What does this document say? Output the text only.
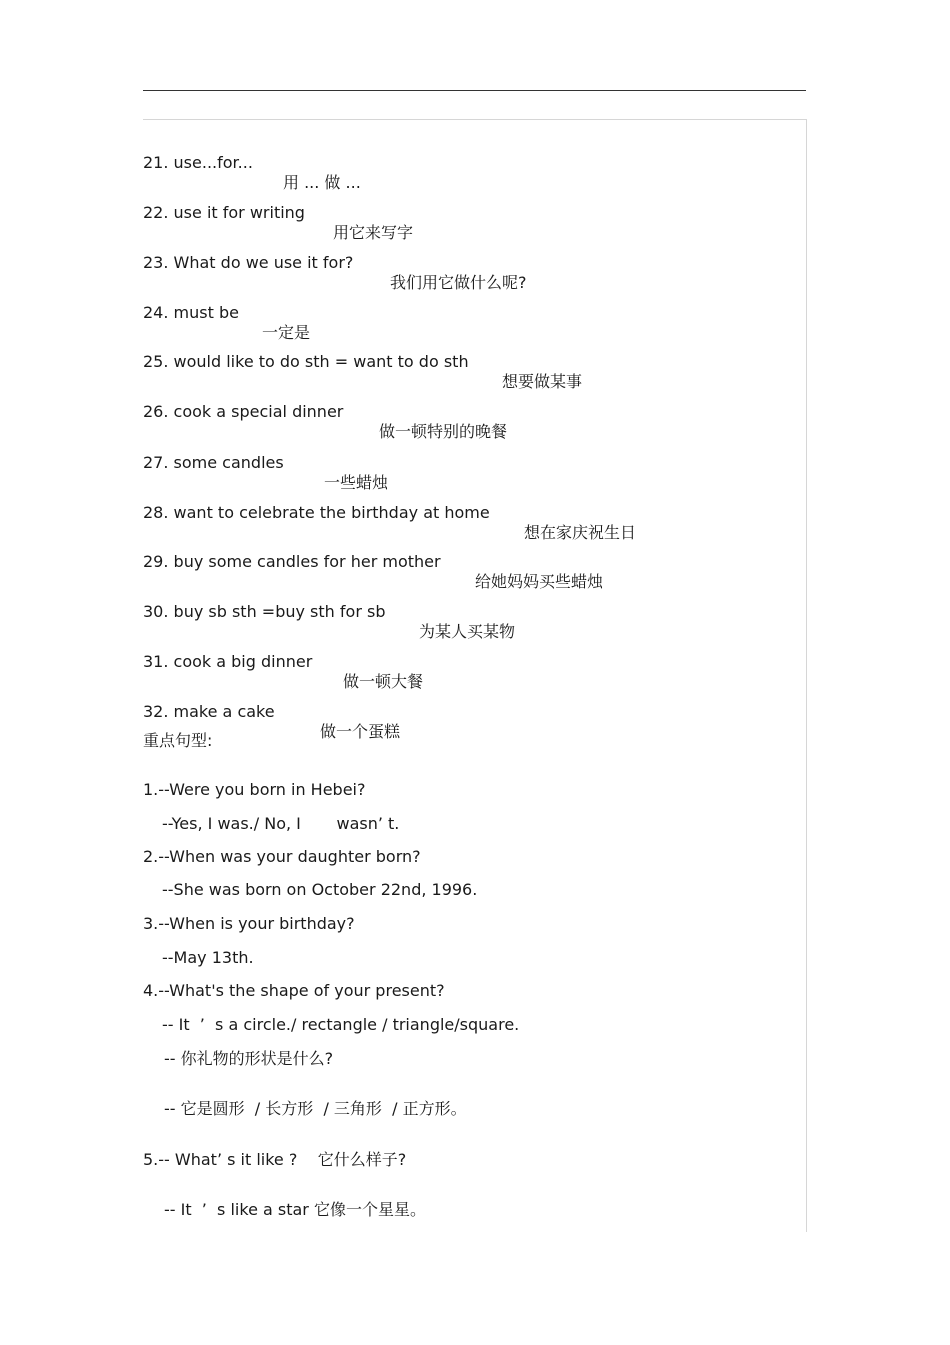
21. use...for...

用 ... 做 ...

22. use it for writing

用它来写字

23. What do we use it for?

我们用它做什么呢?

24. must be

一定是

25. would like to do sth = want to do sth

想要做某事

26. cook a special dinner

做一顿特别的晚餐

27. some candles

一些蜡烛

28. want to celebrate the birthday at home

想在家庆祝生日

29. buy some candles for her mother

给她妈妈买些蜡烛

30. buy sb sth =buy sth for sb

为某人买某物

31. cook a big dinner

做一顿大餐

32. make a cake

做一个蛋糕

重点句型:
1.--Were you born in Hebei?
--Yes, I was./ No, I       wasn’ t.
2.--When was your daughter born?
--She was born on October 22nd, 1996.
3.--When is your birthday?
--May 13th.
4.--What's the shape of your present?
-- It  ’  s a circle./ rectangle / triangle/square.
-- 你礼物的形状是什么?
-- 它是圆形  / 长方形  / 三角形  / 正方形。
5.-- What’ s it like ?    它什么样子?
-- It  ’  s like a star 它像一个星星。
